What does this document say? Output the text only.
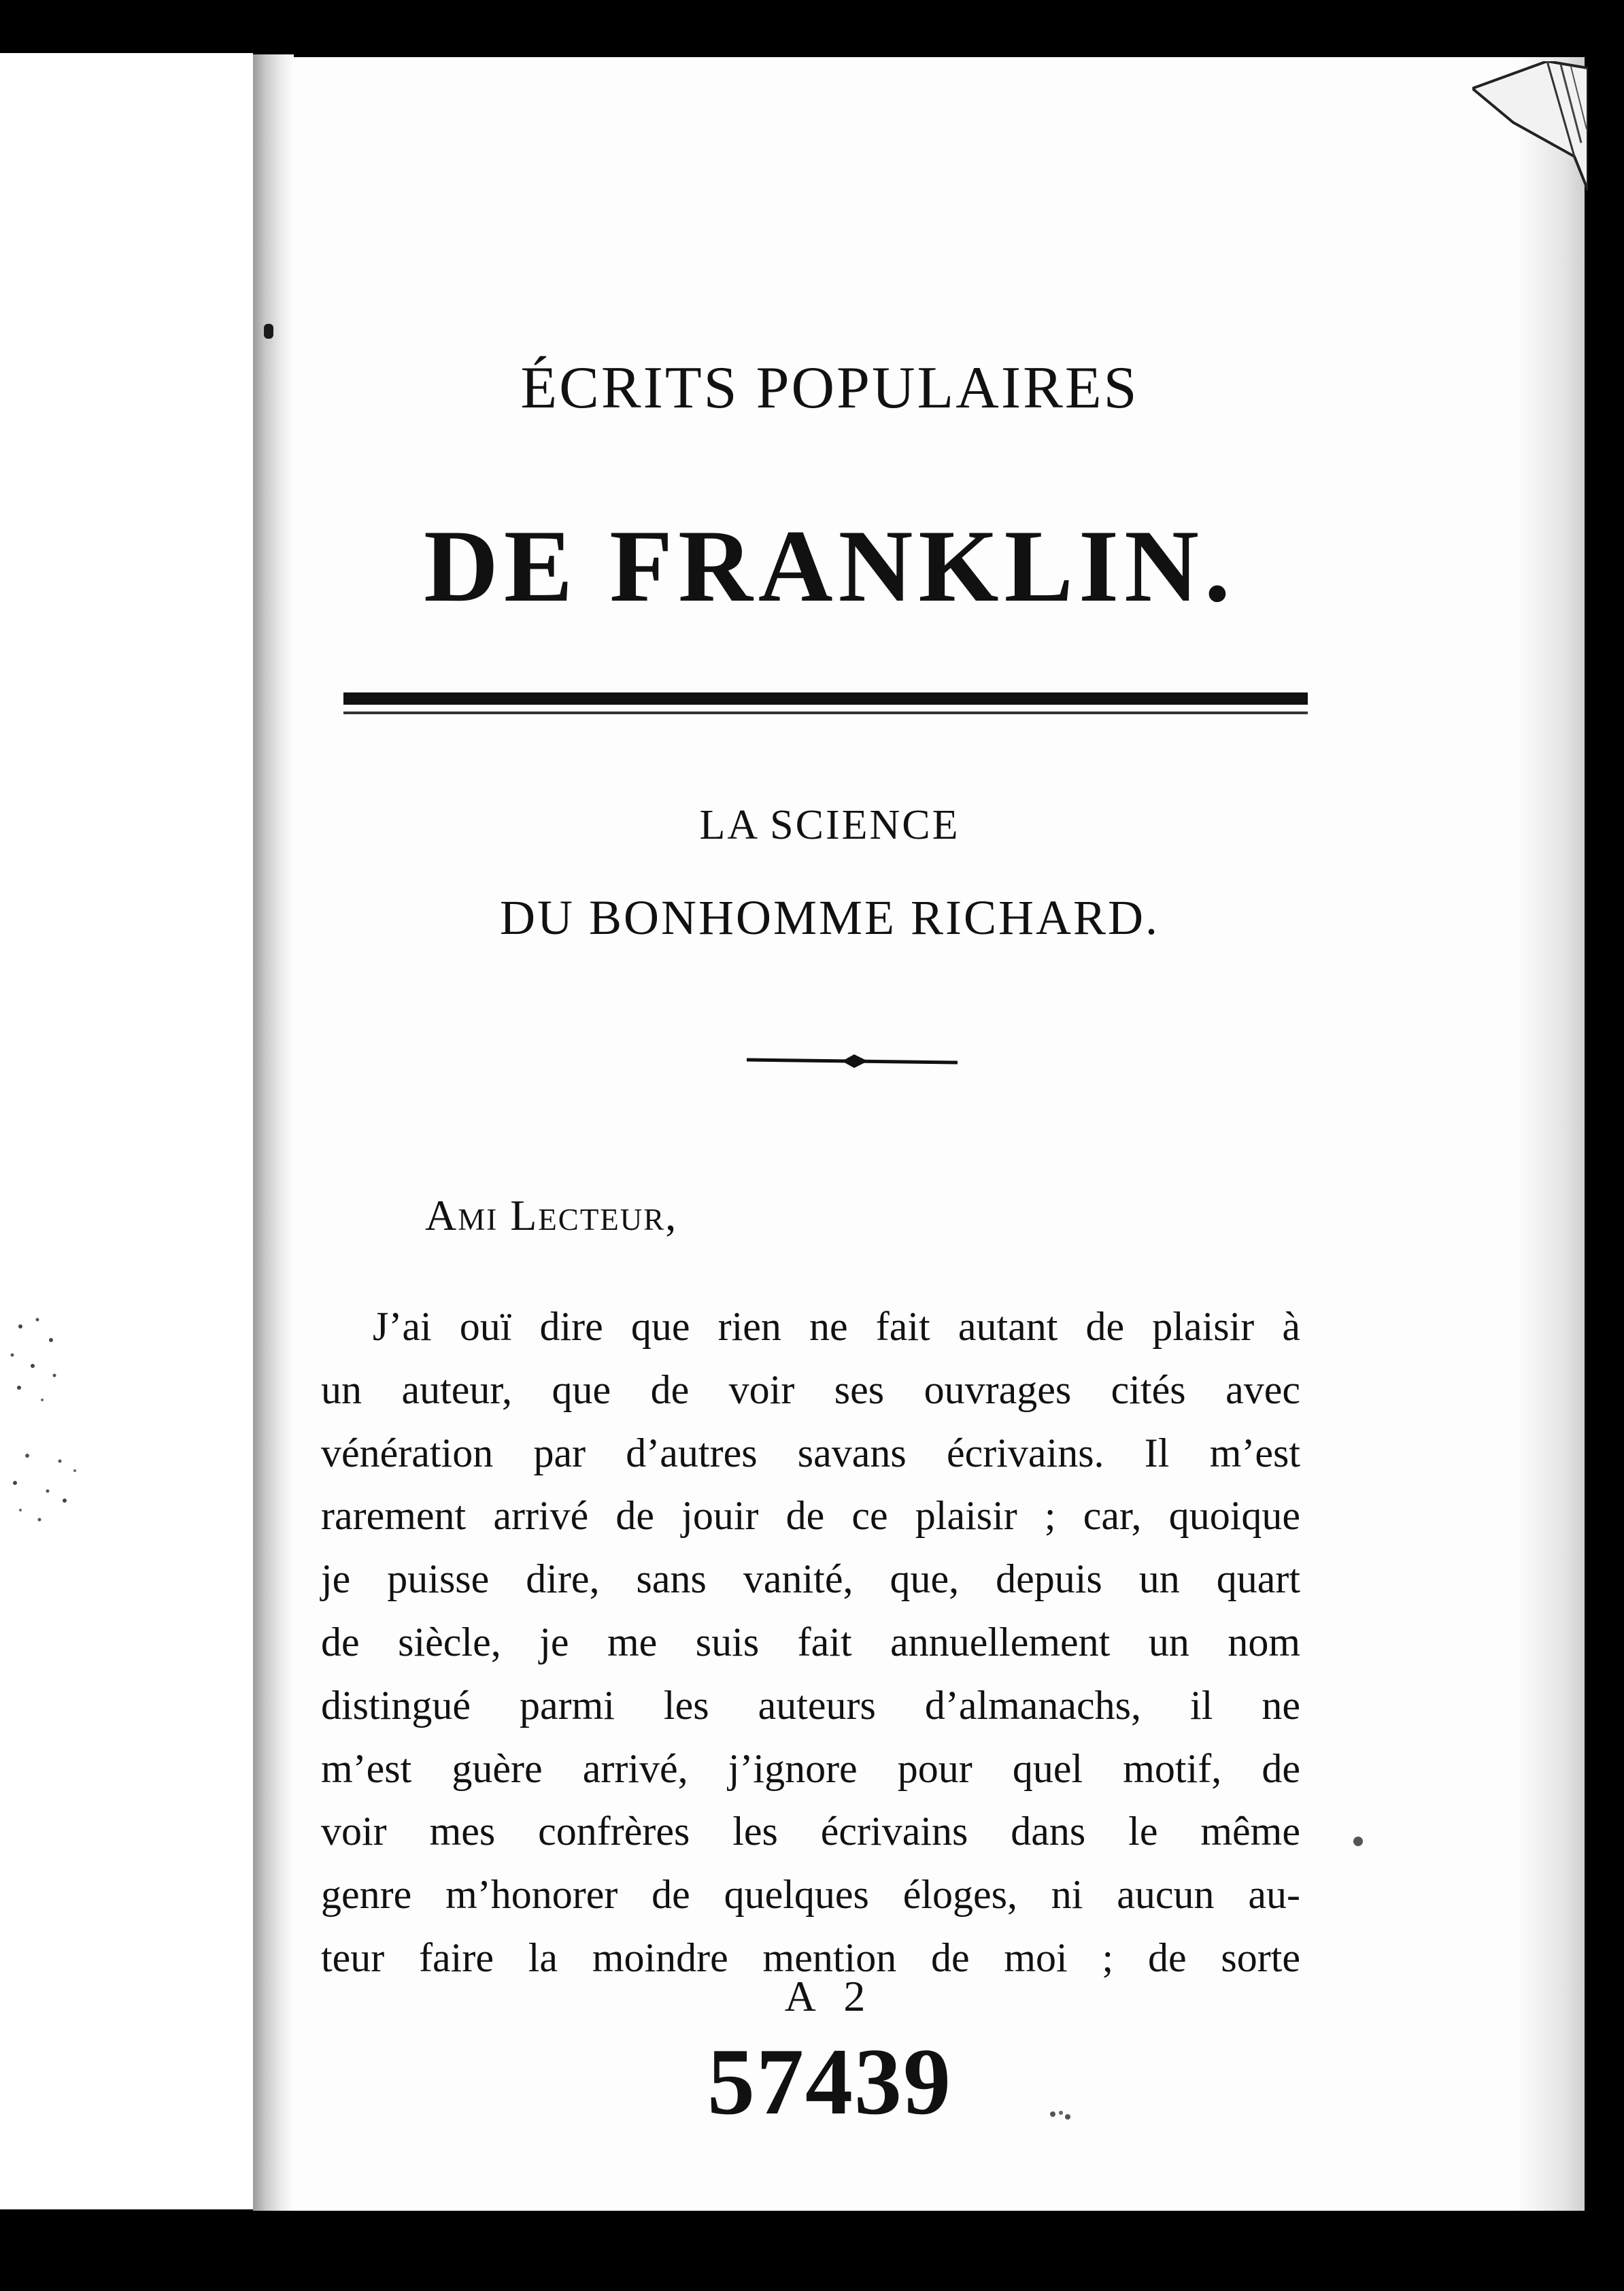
ÉCRITS POPULAIRES
DE FRANKLIN.
LA SCIENCE
DU BONHOMME RICHARD.
Ami Lecteur,
J’ai ouï dire que rien ne fait autant de plaisir à
un auteur, que de voir ses ouvrages cités avec
vénération par d’autres savans écrivains. Il m’est
rarement arrivé de jouir de ce plaisir ; car, quoique
je puisse dire, sans vanité, que, depuis un quart
de siècle, je me suis fait annuellement un nom
distingué parmi les auteurs d’almanachs, il ne
m’est guère arrivé, j’ignore pour quel motif, de
voir mes confrères les écrivains dans le même
genre m’honorer de quelques éloges, ni aucun au-
teur faire la moindre mention de moi ; de sorte
A 2
57439
